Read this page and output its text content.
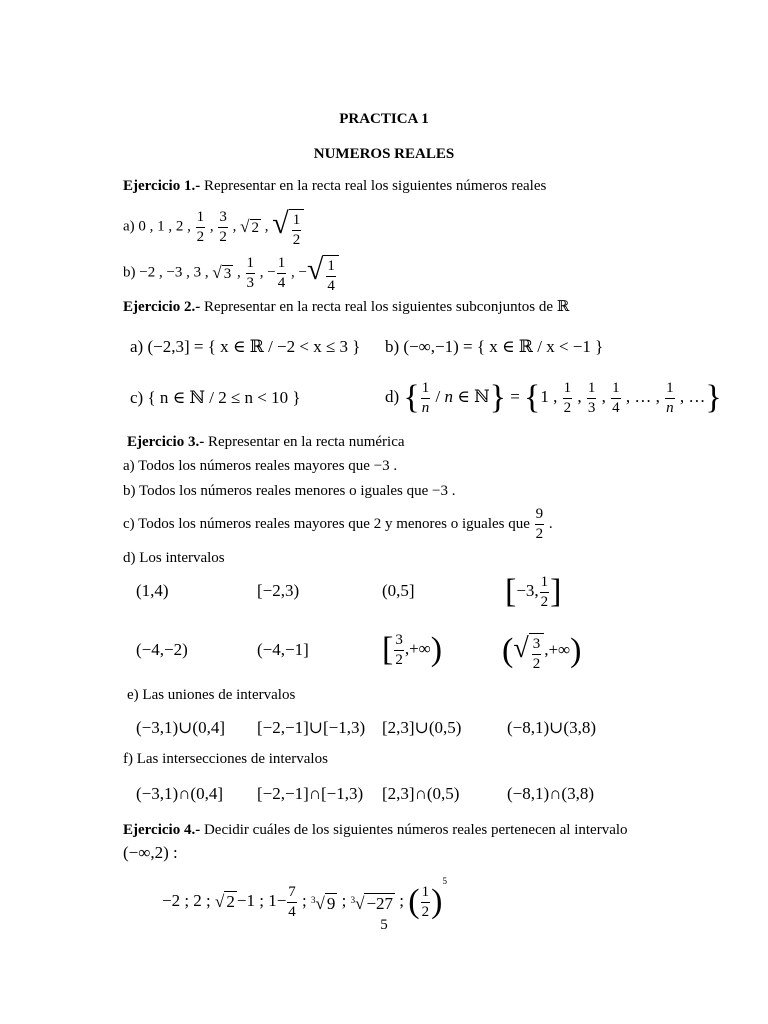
PRACTICA 1
NUMEROS REALES
Ejercicio 1.- Representar en la recta real los siguientes números reales
a) 0 , 1 , 2 , $\frac{1}{2}$ , $\frac{3}{2}$ , √ 2 , √ $\frac{1}{2}$
b) −2 , −3 , 3 , √ 3 , $\frac{1}{3}$ , − $\frac{1}{4}$ , −√ $\frac{1}{4}$
Ejercicio 2.- Representar en la recta real los siguientes subconjuntos de ℝ
a) (−2,3] = { x ∈ ℝ / −2 < x ≤ 3 } b) (−∞,−1) = { x ∈ ℝ / x < −1 }
c) { n ∈ ℕ / 2 ≤ n < 10 }	d) { $\frac{1}{n}$ / n ∈ ℕ} = {1 , $\frac{1}{2}$ , $\frac{1}{3}$ , $\frac{1}{4}$ , … , $\frac{1}{n}$ , …}
Ejercicio 3.- Representar en la recta numérica
a) Todos los números reales mayores que −3 .
b) Todos los números reales menores o iguales que −3 .
c) Todos los números reales mayores que 2 y menores o iguales que $\frac{9}{2}$ .
d) Los intervalos
(1,4)	[−2,3)	(0,5]	[−3, $\frac{1}{2}$ ]
(−4,−2)	(−4,−1] [ $\frac{3}{2}$ ,+∞) (√ $\frac{3}{2}$ ,+∞)
e) Las uniones de intervalos
(−3,1)∪(0,4] [−2,−1]∪[−1,3) [2,3]∪(0,5)	(−8,1)∪(3,8)
f) Las intersecciones de intervalos
(−3,1)∩(0,4] [−2,−1]∩[−1,3) [2,3]∩(0,5)	(−8,1)∩(3,8)
Ejercicio 4.- Decidir cuáles de los siguientes números reales pertenecen al intervalo
(−∞,2) :
−2 ; 2 ; √ 2 −1 ; $1- \frac{7}{4}$ ; $^3$√ 9 ; $^3$√ −27 ; ( $\frac{1}{2} )^5$
5
